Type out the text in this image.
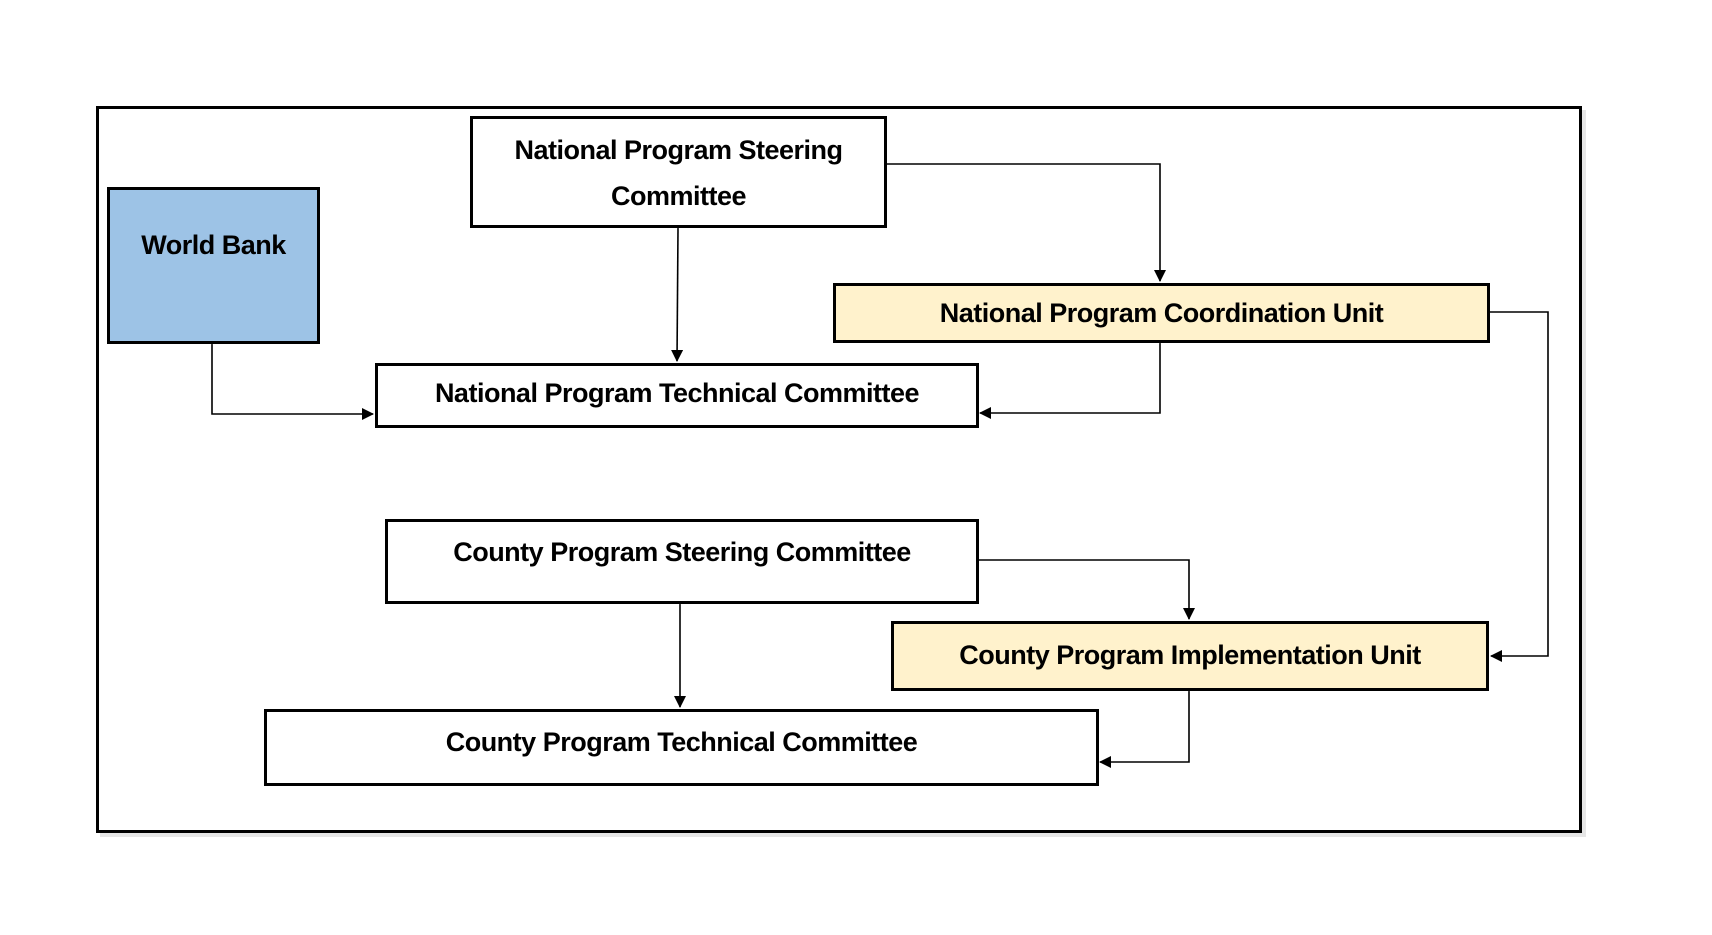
World Bank
National Program Steering
Committee
National Program Coordination Unit
National Program Technical Committee
County Program Steering Committee
County Program Implementation Unit
County Program Technical Committee
